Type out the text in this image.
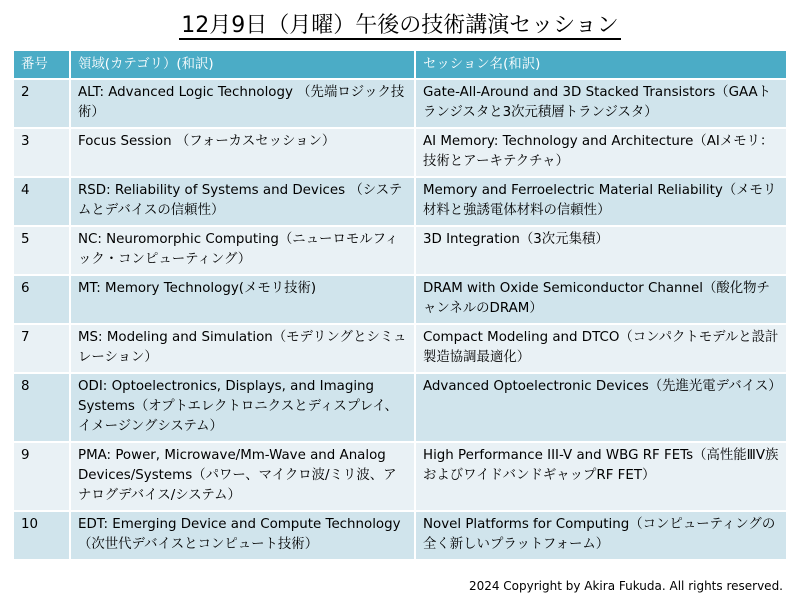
12月9日（月曜）午後の技術講演セッション
番号	領域(カテゴリ）(和訳)	セッション名(和訳)
2	ALT: Advanced Logic Technology （先端ロジック技術）	Gate-All-Around and 3D Stacked Transistors（GAAトランジスタと3次元積層トランジスタ）
3	Focus Session （フォーカスセッション）	AI Memory: Technology and Architecture（AIメモリ：技術とアーキテクチャ）
4	RSD: Reliability of Systems and Devices （システムとデバイスの信頼性）	Memory and Ferroelectric Material Reliability（メモリ材料と強誘電体材料の信頼性）
5	NC: Neuromorphic Computing（ニューロモルフィック・コンピューティング）	3D Integration（3次元集積）
6	MT: Memory Technology(メモリ技術)	DRAM with Oxide Semiconductor Channel（酸化物チャンネルのDRAM）
7	MS: Modeling and Simulation（モデリングとシミュレーション）	Compact Modeling and DTCO（コンパクトモデルと設計製造協調最適化）
8	ODI: Optoelectronics, Displays, and Imaging Systems（オプトエレクトロニクスとディスプレイ、イメージングシステム）	Advanced Optoelectronic Devices（先進光電デバイス）
9	PMA: Power, Microwave/Mm-Wave and Analog Devices/Systems（パワー、マイクロ波/ミリ波、アナログデバイス/システム）	High Performance III-V and WBG RF FETs（高性能ⅢⅤ族およびワイドバンドギャップRF FET）
10	EDT: Emerging Device and Compute Technology（次世代デバイスとコンピュート技術）	Novel Platforms for Computing（コンピューティングの全く新しいプラットフォーム）
2024 Copyright by Akira Fukuda. All rights reserved.
